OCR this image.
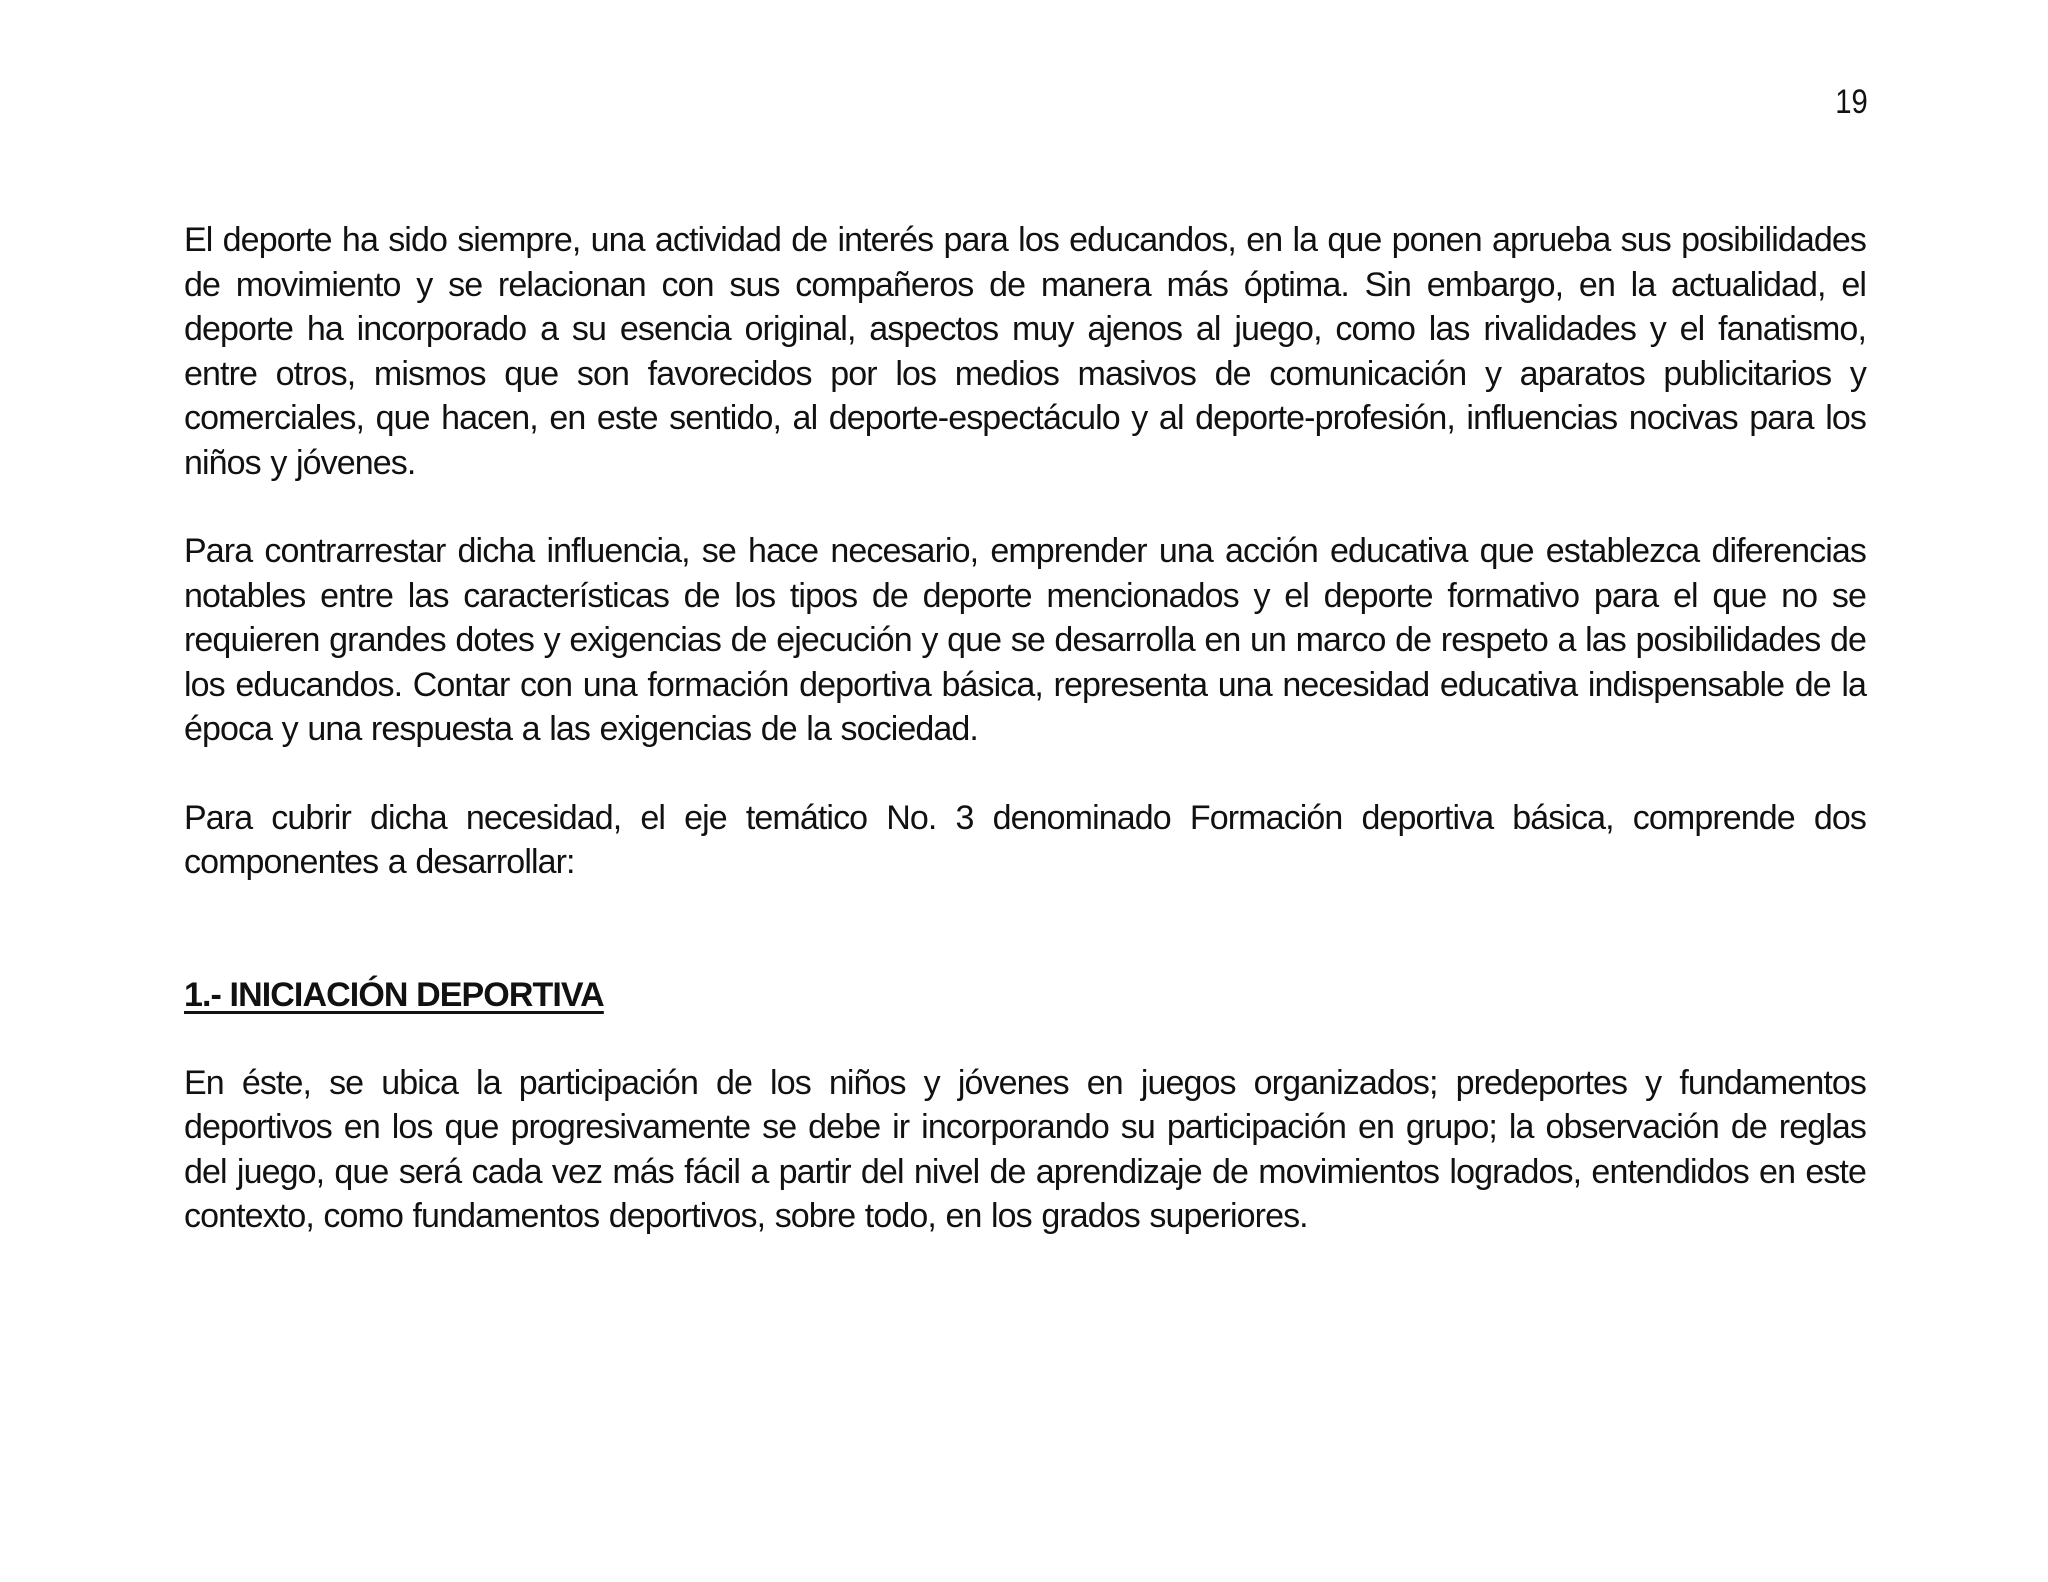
19

El deporte ha sido siempre, una actividad de interés para los educandos, en la que ponen aprueba sus posibilidades de movimiento y se relacionan con sus compañeros de manera más óptima. Sin embargo, en la actualidad, el deporte ha incorporado a su esencia original, aspectos muy ajenos al juego, como las rivalidades y el fanatismo, entre otros, mismos que son favorecidos por los medios masivos de comunicación y aparatos publicitarios y comerciales, que hacen, en este sentido, al deporte-espectáculo y al deporte-profesión, influencias nocivas para los niños y jóvenes.

Para contrarrestar dicha influencia, se hace necesario, emprender una acción educativa que establezca diferencias notables entre las características de los tipos de deporte mencionados y el deporte formativo para el que no se requieren grandes dotes y exigencias de ejecución y que se desarrolla en un marco de respeto a las posibilidades de los educandos. Contar con una formación deportiva básica, representa una necesidad educativa indispensable de la época y una respuesta a las exigencias de la sociedad.

Para cubrir dicha necesidad, el eje temático No. 3 denominado Formación deportiva básica, comprende dos componentes a desarrollar:

1.- INICIACIÓN DEPORTIVA

En éste, se ubica la participación de los niños y jóvenes en juegos organizados; predeportes y fundamentos deportivos en los que progresivamente se debe ir incorporando su participación en grupo; la observación de reglas del juego, que será cada vez más fácil a partir del nivel de aprendizaje de movimientos logrados, entendidos en este contexto, como fundamentos deportivos, sobre todo, en los grados superiores.
